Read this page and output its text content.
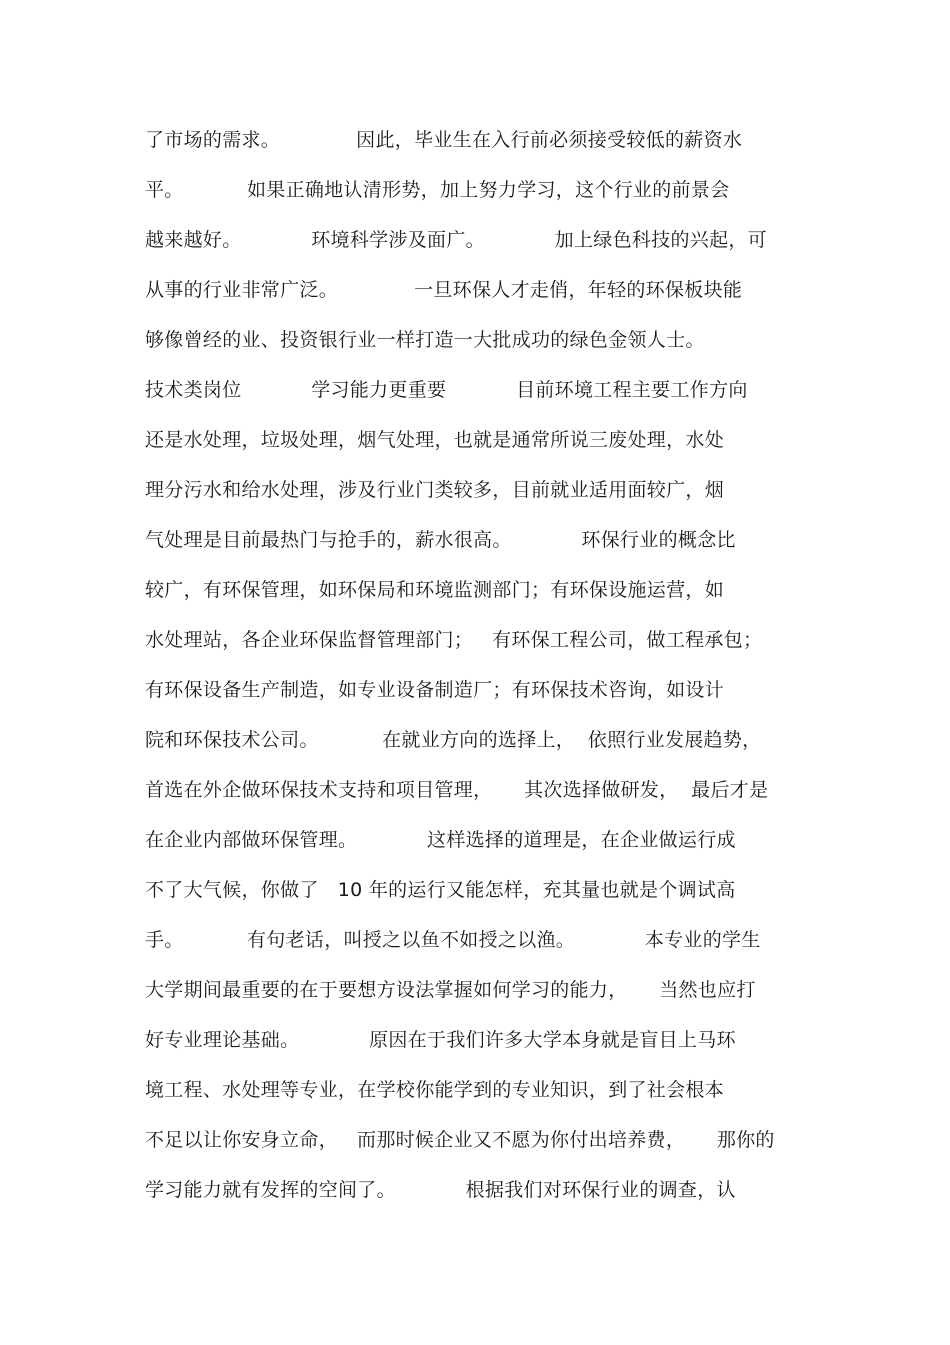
了市场的需求。            因此，毕业生在入行前必须接受较低的薪资水
平。          如果正确地认清形势，加上努力学习，这个行业的前景会
越来越好。           环境科学涉及面广。           加上绿色科技的兴起，可
从事的行业非常广泛。            一旦环保人才走俏，年轻的环保板块能
够像曾经的业、投资银行业一样打造一大批成功的绿色金领人士。
技术类岗位           学习能力更重要           目前环境工程主要工作方向
还是水处理，垃圾处理，烟气处理，也就是通常所说三废处理，水处
理分污水和给水处理，涉及行业门类较多，目前就业适用面较广，烟
气处理是目前最热门与抢手的，薪水很高。           环保行业的概念比
较广，有环保管理，如环保局和环境监测部门；有环保设施运营，如
水处理站，各企业环保监督管理部门；   有环保工程公司，做工程承包；
有环保设备生产制造，如专业设备制造厂；有环保技术咨询，如设计
院和环保技术公司。          在就业方向的选择上，  依照行业发展趋势，
首选在外企做环保技术支持和项目管理，     其次选择做研发，  最后才是
在企业内部做环保管理。           这样选择的道理是，在企业做运行成
不了大气候，你做了   10 年的运行又能怎样，充其量也就是个调试高
手。          有句老话，叫授之以鱼不如授之以渔。           本专业的学生
大学期间最重要的在于要想方设法掌握如何学习的能力，     当然也应打
好专业理论基础。           原因在于我们许多大学本身就是盲目上马环
境工程、水处理等专业，在学校你能学到的专业知识，到了社会根本
不足以让你安身立命，   而那时候企业又不愿为你付出培养费，     那你的
学习能力就有发挥的空间了。           根据我们对环保行业的调查，认
